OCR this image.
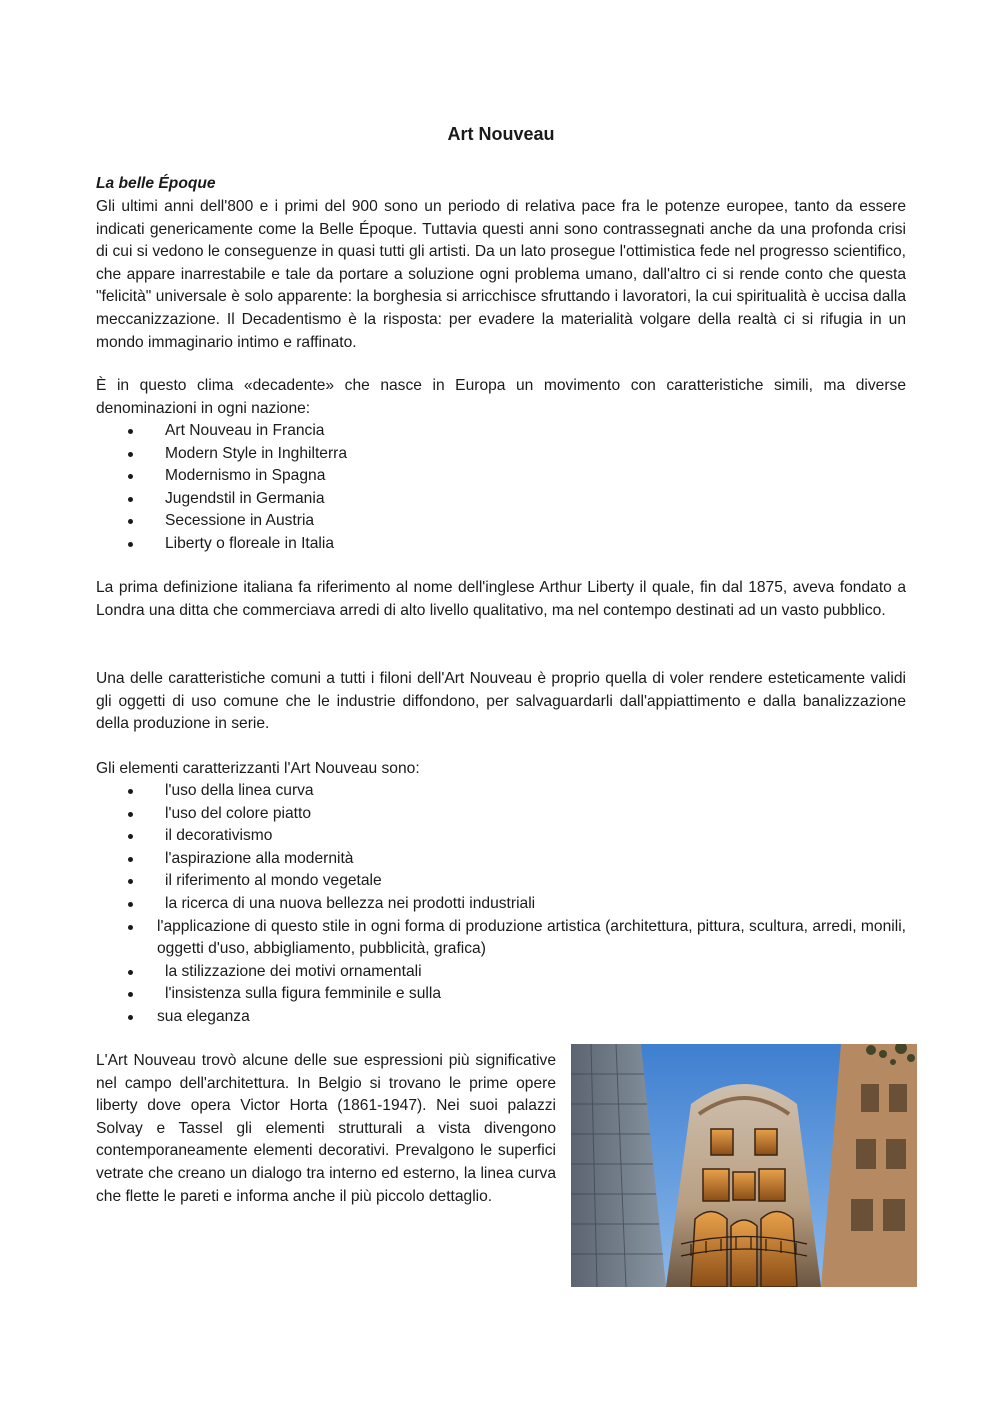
Art Nouveau

La belle Époque

Gli ultimi anni dell'800 e i primi del 900 sono un periodo di relativa pace fra le potenze europee, tanto da essere indicati genericamente come la Belle Époque. Tuttavia questi anni sono contrassegnati anche da una profonda crisi di cui si vedono le conseguenze in quasi tutti gli artisti. Da un lato prosegue l'ottimistica fede nel progresso scientifico, che appare inarrestabile e tale da portare a soluzione ogni problema umano, dall'altro ci si rende conto che questa "felicità" universale è solo apparente: la borghesia si arricchisce sfruttando i lavoratori, la cui spiritualità è uccisa dalla meccanizzazione. Il Decadentismo è la risposta: per evadere la materialità volgare della realtà ci si rifugia in un mondo immaginario intimo e raffinato.

È in questo clima «decadente» che nasce in Europa un movimento con caratteristiche simili, ma diverse denominazioni in ogni nazione:

Art Nouveau in Francia
Modern Style in Inghilterra
Modernismo in Spagna
Jugendstil in Germania
Secessione in Austria
Liberty o floreale in Italia

La prima definizione italiana fa riferimento al nome dell'inglese Arthur Liberty il quale, fin dal 1875, aveva fondato a Londra una ditta che commerciava arredi di alto livello qualitativo, ma nel contempo destinati ad un vasto pubblico.

Una delle caratteristiche comuni a tutti i filoni dell'Art Nouveau è proprio quella di voler rendere esteticamente validi gli oggetti di uso comune che le industrie diffondono, per salvaguardarli dall'appiattimento e dalla banalizzazione della produzione in serie.

Gli elementi caratterizzanti l'Art Nouveau sono:

l'uso della linea curva
l'uso del colore piatto
il decorativismo
l'aspirazione alla modernità
il riferimento al mondo vegetale
la ricerca di una nuova bellezza nei prodotti industriali
l'applicazione di questo stile in ogni forma di produzione artistica (architettura, pittura, scultura, arredi, monili, oggetti d'uso, abbigliamento, pubblicità, grafica)
la stilizzazione dei motivi ornamentali
l'insistenza sulla figura femminile e sulla
sua eleganza

L'Art Nouveau trovò alcune delle sue espressioni più significative nel campo dell'architettura. In Belgio si trovano le prime opere liberty dove opera Victor Horta (1861-1947). Nei suoi palazzi Solvay e Tassel gli elementi strutturali a vista divengono contemporaneamente elementi decorativi. Prevalgono le superfici vetrate che creano un dialogo tra interno ed esterno, la linea curva che flette le pareti e informa anche il più piccolo dettaglio.
